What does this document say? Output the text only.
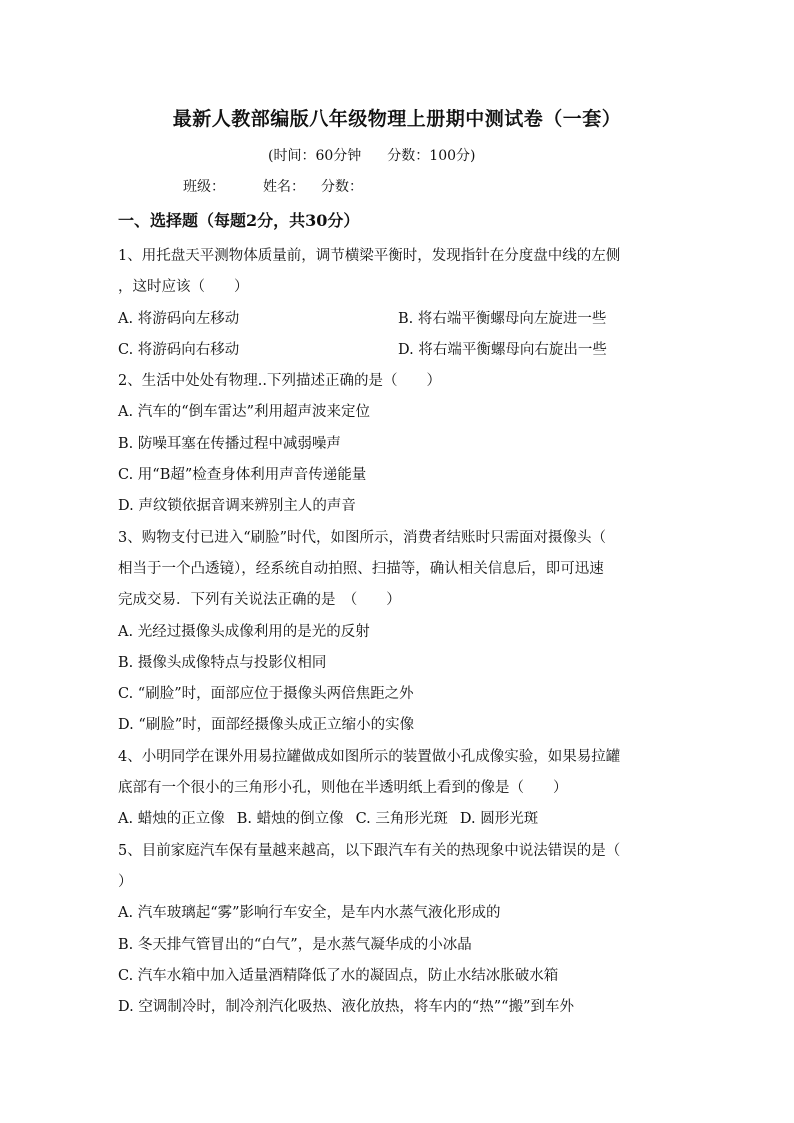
最新人教部编版八年级物理上册期中测试卷（一套）
(时间：60分钟 分数：100分)
班级：	姓名： 分数：
一、选择题（每题2分，共30分）
1、用托盘天平测物体质量前，调节横梁平衡时，发现指针在分度盘中线的左侧
，这时应该（　　）
A. 将游码向左移动	B. 将右端平衡螺母向左旋进一些
C. 将游码向右移动	D. 将右端平衡螺母向右旋出一些
2、生活中处处有物理..下列描述正确的是（　　）
A. 汽车的“倒车雷达”利用超声波来定位
B. 防噪耳塞在传播过程中减弱噪声
C. 用“B超”检查身体利用声音传递能量
D. 声纹锁依据音调来辨别主人的声音
3、购物支付已进入“刷脸”时代，如图所示，消费者结账时只需面对摄像头（
相当于一个凸透镜），经系统自动拍照、扫描等，确认相关信息后，即可迅速
完成交易．下列有关说法正确的是　（　　）
A. 光经过摄像头成像利用的是光的反射
B. 摄像头成像特点与投影仪相同
C. “刷脸”时，面部应位于摄像头两倍焦距之外
D. “刷脸”时，面部经摄像头成正立缩小的实像
4、小明同学在课外用易拉罐做成如图所示的装置做小孔成像实验，如果易拉罐
底部有一个很小的三角形小孔，则他在半透明纸上看到的像是（　　）
A. 蜡烛的正立像 B. 蜡烛的倒立像 C. 三角形光斑 D. 圆形光斑
5、目前家庭汽车保有量越来越高，以下跟汽车有关的热现象中说法错误的是（
）
A. 汽车玻璃起“雾”影响行车安全，是车内水蒸气液化形成的
B. 冬天排气管冒出的“白气”，是水蒸气凝华成的小冰晶
C. 汽车水箱中加入适量酒精降低了水的凝固点，防止水结冰胀破水箱
D. 空调制冷时，制冷剂汽化吸热、液化放热，将车内的“热”“搬”到车外
